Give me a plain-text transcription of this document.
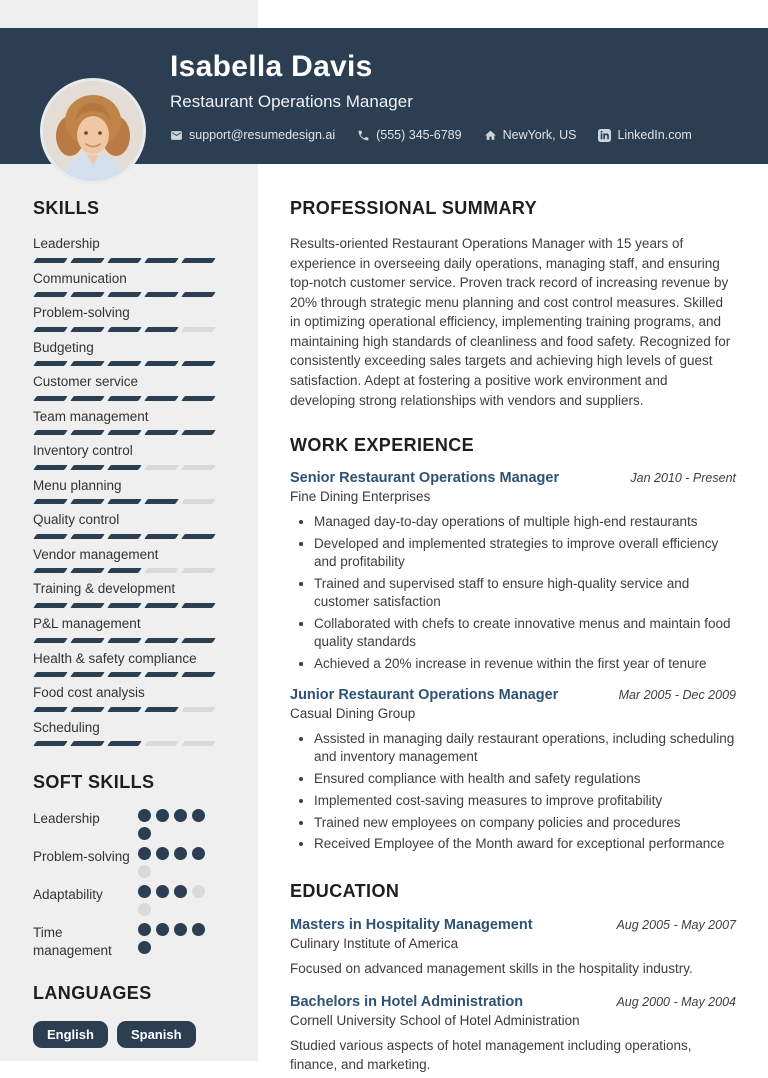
Isabella Davis
Restaurant Operations Manager
support@resumedesign.ai	(555) 345-6789	NewYork, US	LinkedIn.com
SKILLS
Leadership
Communication
Problem-solving
Budgeting
Customer service
Team management
Inventory control
Menu planning
Quality control
Vendor management
Training & development
P&L management
Health & safety compliance
Food cost analysis
Scheduling
SOFT SKILLS
Leadership
Problem-solving
Adaptability
Time management
LANGUAGES
English	Spanish
PROFESSIONAL SUMMARY

Results-oriented Restaurant Operations Manager with 15 years of experience in overseeing daily operations, managing staff, and ensuring top-notch customer service. Proven track record of increasing revenue by 20% through strategic menu planning and cost control measures. Skilled in optimizing operational efficiency, implementing training programs, and maintaining high standards of cleanliness and food safety. Recognized for consistently exceeding sales targets and achieving high levels of guest satisfaction. Adept at fostering a positive work environment and developing strong relationships with vendors and suppliers.

WORK EXPERIENCE
Senior Restaurant Operations Manager	Jan 2010 - Present
Fine Dining Enterprises
• Managed day-to-day operations of multiple high-end restaurants
• Developed and implemented strategies to improve overall efficiency and profitability
• Trained and supervised staff to ensure high-quality service and customer satisfaction
• Collaborated with chefs to create innovative menus and maintain food quality standards
• Achieved a 20% increase in revenue within the first year of tenure
Junior Restaurant Operations Manager	Mar 2005 - Dec 2009
Casual Dining Group
• Assisted in managing daily restaurant operations, including scheduling and inventory management
• Ensured compliance with health and safety regulations
• Implemented cost-saving measures to improve profitability
• Trained new employees on company policies and procedures
• Received Employee of the Month award for exceptional performance
EDUCATION
Masters in Hospitality Management	Aug 2005 - May 2007
Culinary Institute of America
Focused on advanced management skills in the hospitality industry.
Bachelors in Hotel Administration	Aug 2000 - May 2004
Cornell University School of Hotel Administration
Studied various aspects of hotel management including operations, finance, and marketing.
